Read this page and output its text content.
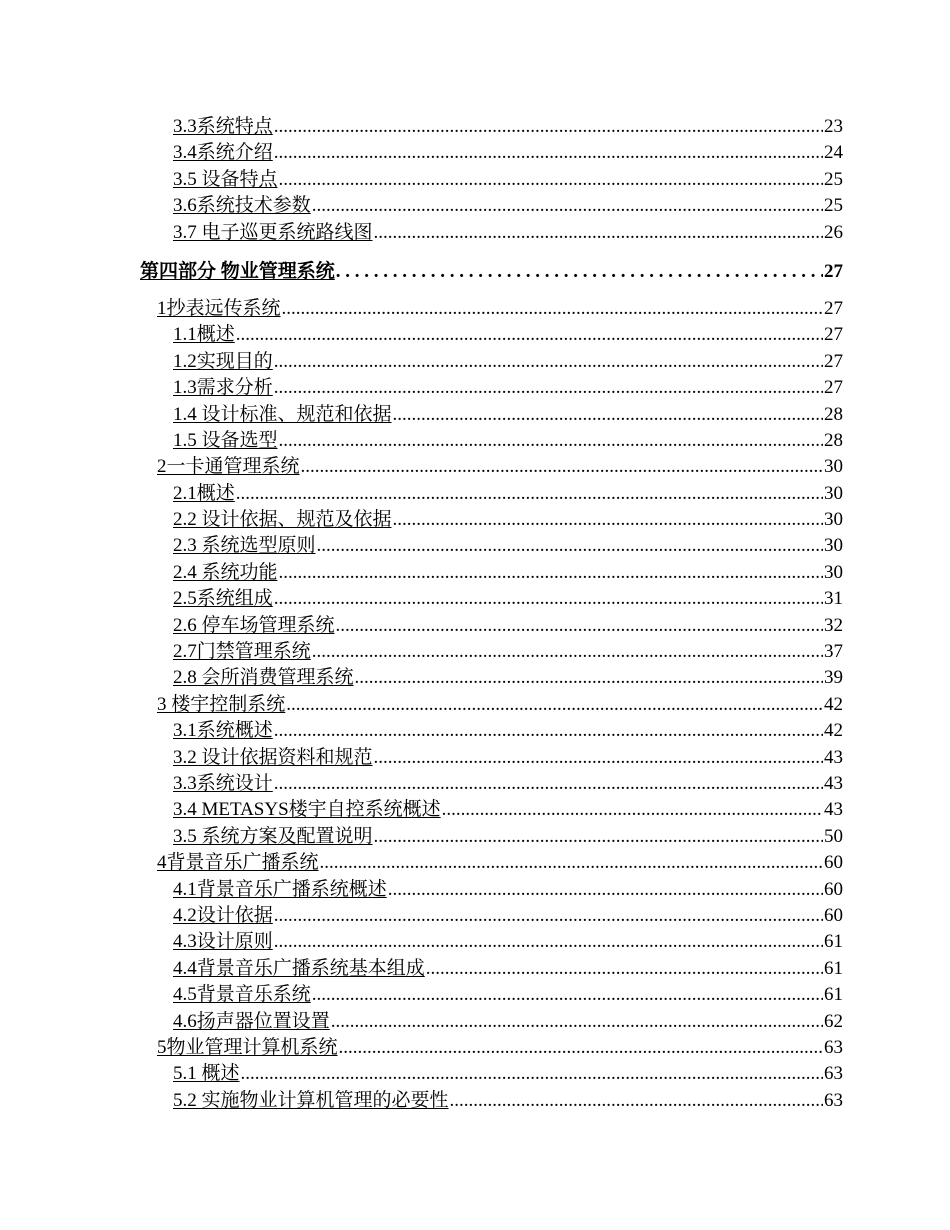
3.3系统特点 .....	23
3.4系统介绍 .....	24
3.5 设备特点 .....	25
3.6系统技术参数 .....	25
3.7 电子巡更系统路线图 .....	26
第四部分 物业管理系统 . . .	27
1抄表远传系统 .....	27
1.1概述 .....	27
1.2实现目的 .....	27
1.3需求分析 .....	27
1.4 设计标准、规范和依据 .....	28
1.5 设备选型 .....	28
2一卡通管理系统 .....	30
2.1概述 .....	30
2.2 设计依据、规范及依据 .....	30
2.3 系统选型原则 .....	30
2.4 系统功能 .....	30
2.5系统组成 .....	31
2.6 停车场管理系统 .....	32
2.7门禁管理系统 .....	37
2.8 会所消费管理系统 .....	39
3 楼宇控制系统 .....	42
3.1系统概述 .....	42
3.2 设计依据资料和规范 .....	43
3.3系统设计 .....	43
3.4 METASYS楼宇自控系统概述 .....	43
3.5 系统方案及配置说明 .....	50
4背景音乐广播系统 .....	60
4.1背景音乐广播系统概述 .....	60
4.2设计依据 .....	60
4.3设计原则 .....	61
4.4背景音乐广播系统基本组成 .....	61
4.5背景音乐系统 .....	61
4.6扬声器位置设置 .....	62
5物业管理计算机系统 .....	63
5.1 概述 .....	63
5.2 实施物业计算机管理的必要性 .....	63
